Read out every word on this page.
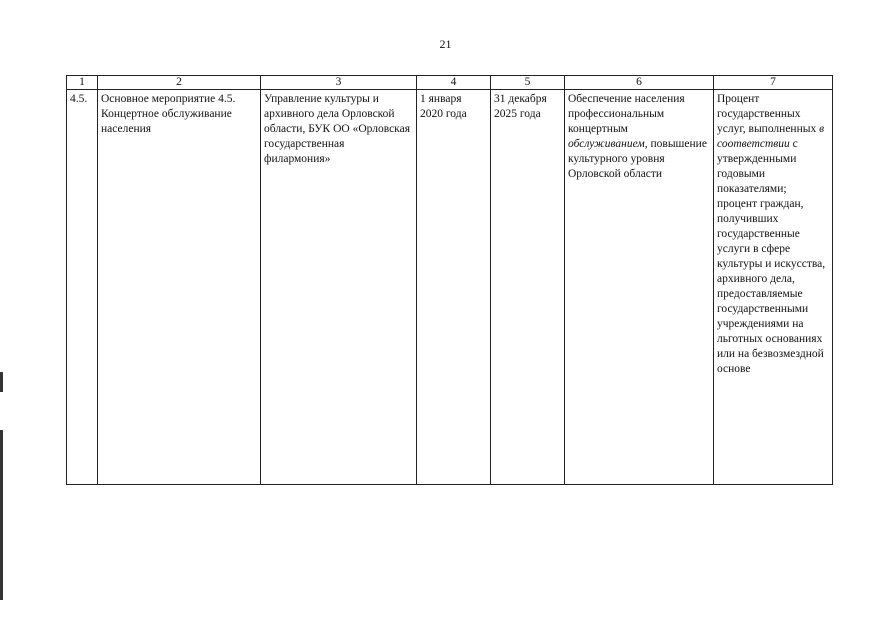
21
1	2	3	4	5	6	7
4.5.	Основное мероприятие 4.5. Концертное обслуживание населения	Управление культуры и архивного дела Орловской области, БУК ОО «Орловская государственная филармония»	1 января 2020 года	31 декабря 2025 года	Обеспечение населения профессиональным концертным обслуживанием, повышение культурного уровня Орловской области	Процент государственных услуг, выполненных в соответствии с утвержденными годовыми показателями; процент граждан, получивших государственные услуги в сфере культуры и искусства, архивного дела, предоставляемые государственными учреждениями на льготных основаниях или на безвозмездной основе
